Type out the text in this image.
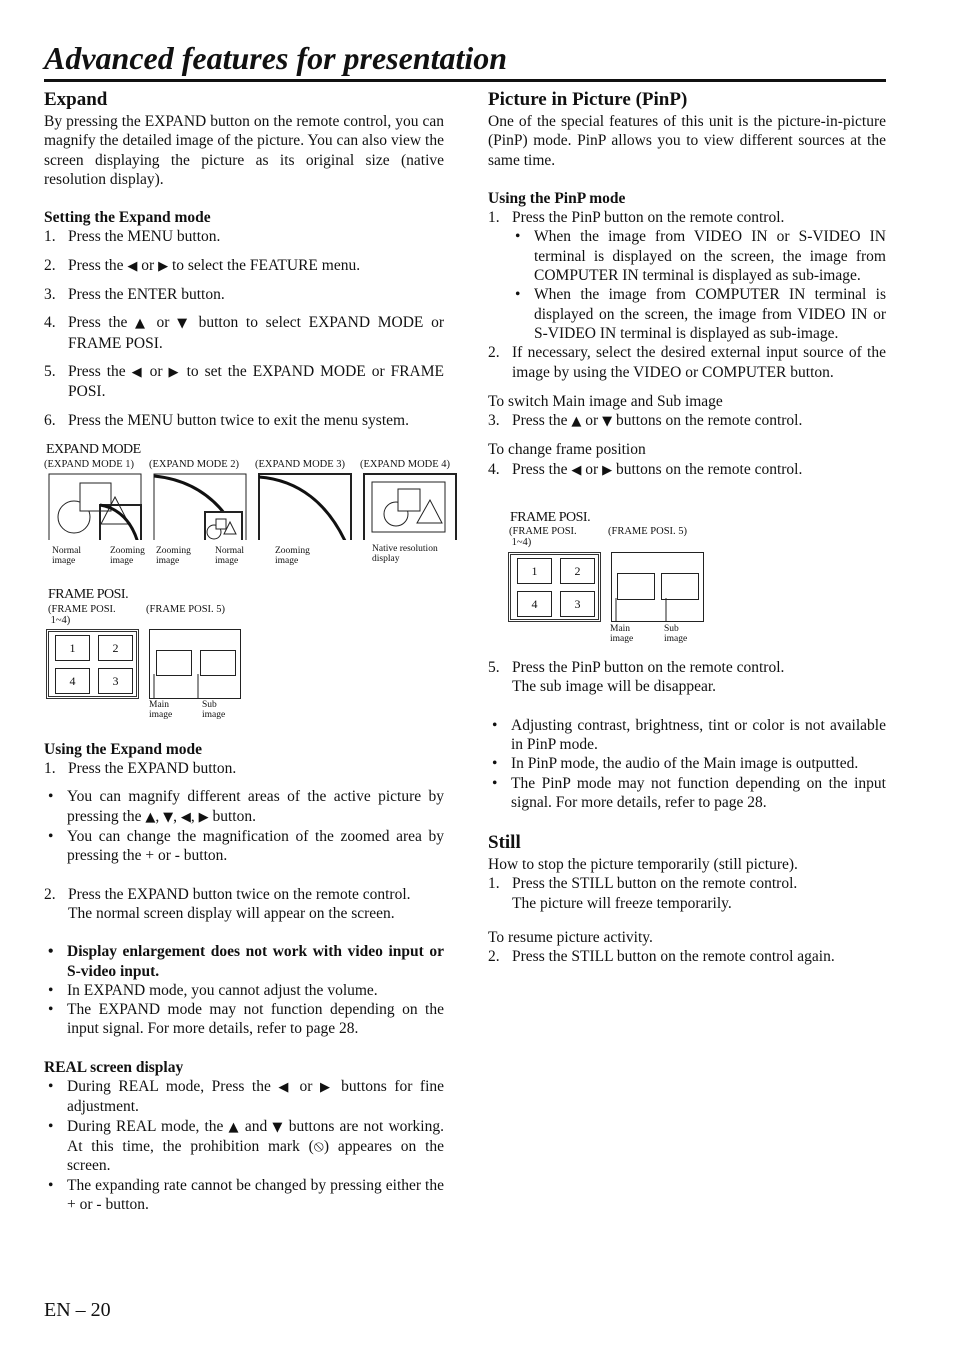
Advanced features for presentation
Expand

By pressing the EXPAND button on the remote control, you can magnify the detailed image of the picture. You can also view the screen displaying the picture as its original size (native resolution display).

Setting the Expand mode
1. Press the MENU button.
2. Press the ◀ or ▶ to select the FEATURE menu.
3. Press the ENTER button.
4. Press the ▲ or ▼ button to select EXPAND MODE or FRAME POSI.
5. Press the ◀ or ▶ to set the EXPAND MODE or FRAME POSI.
6. Press the MENU button twice to exit the menu system.
EXPAND MODE
(EXPAND MODE 1) (EXPAND MODE 2) (EXPAND MODE 3) (EXPAND MODE 4)
Normal
image
Zooming
image
Zooming
image
Normal
image
Zooming
image
Native resolution
display
FRAME POSI.
(FRAME POSI.
1~4)
(FRAME POSI. 5)
1	2
4	3
Main
image
Sub
image
Using the Expand mode
1. Press the EXPAND button.
• You can magnify different areas of the active picture by pressing the ▲, ▼, ◀, ▶ button.
• You can change the magnification of the zoomed area by pressing the + or - button.
2. Press the EXPAND button twice on the remote control.
The normal screen display will appear on the screen.
• Display enlargement does not work with video input or S-video input.
• In EXPAND mode, you cannot adjust the volume.
• The EXPAND mode may not function depending on the input signal. For more details, refer to page 28.
REAL screen display
• During REAL mode, Press the ◀ or ▶ buttons for fine adjustment.
• During REAL mode, the ▲ and ▼ buttons are not working. At this time, the prohibition mark (⦸) appeares on the screen.
• The expanding rate cannot be changed by pressing either the + or - button.
Picture in Picture (PinP)

One of the special features of this unit is the picture-in-picture (PinP) mode. PinP allows you to view different sources at the same time.

Using the PinP mode
1. Press the PinP button on the remote control.
• When the image from VIDEO IN or S-VIDEO IN terminal is displayed on the screen, the image from COMPUTER IN terminal is displayed as sub-image.
• When the image from COMPUTER IN terminal is displayed on the screen, the image from VIDEO IN or S-VIDEO IN terminal is displayed as sub-image.
2. If necessary, select the desired external input source of the image by using the VIDEO or COMPUTER button.

To switch Main image and Sub image

3. Press the ▲ or ▼ buttons on the remote control.

To change frame position

4. Press the ◀ or ▶ buttons on the remote control.
FRAME POSI.
(FRAME POSI.
1~4)
(FRAME POSI. 5)
1	2
4	3
Main
image
Sub
image
5. Press the PinP button on the remote control.
The sub image will be disappear.
• Adjusting contrast, brightness, tint or color is not available in PinP mode.
• In PinP mode, the audio of the Main image is outputted.
• The PinP mode may not function depending on the input signal. For more details, refer to page 28.
Still

How to stop the picture temporarily (still picture).

1. Press the STILL button on the remote control.
The picture will freeze temporarily.

To resume picture activity.

2. Press the STILL button on the remote control again.
EN – 20
